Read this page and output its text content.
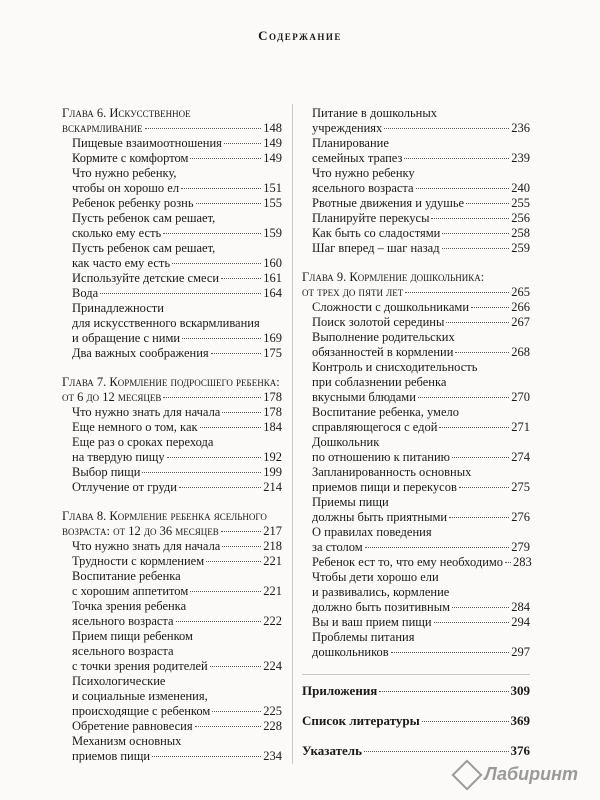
Содержание
Глава 6. Искусственное
вскармливание	148
Пищевые взаимоотношения	149
Кормите с комфортом	149
Что нужно ребенку,
чтобы он хорошо ел	151
Ребенок ребенку рознь	155
Пусть ребенок сам решает,
сколько ему есть	159
Пусть ребенок сам решает,
как часто ему есть	160
Используйте детские смеси	161
Вода	164
Принадлежности
для искусственного вскармливания
и обращение с ними	169
Два важных соображения	175
Глава 7. Кормление подросшего ребенка:
от 6 до 12 месяцев	178
Что нужно знать для начала	178
Еще немного о том, как	184
Еще раз о сроках перехода
на твердую пищу	192
Выбор пищи	199
Отлучение от груди	214
Глава 8. Кормление ребенка ясельного
возраста: от 12 до 36 месяцев	217
Что нужно знать для начала	218
Трудности с кормлением	221
Воспитание ребенка
с хорошим аппетитом	221
Точка зрения ребенка
ясельного возраста	222
Прием пищи ребенком
ясельного возраста
с точки зрения родителей	224
Психологические
и социальные изменения,
происходящие с ребенком	225
Обретение равновесия	228
Механизм основных
приемов пищи	234
Питание в дошкольных
учреждениях	236
Планирование
семейных трапез	239
Что нужно ребенку
ясельного возраста	240
Рвотные движения и удушье	255
Планируйте перекусы	256
Как быть со сладостями	258
Шаг вперед – шаг назад	259
Глава 9. Кормление дошкольника:
от трех до пяти лет	265
Сложности с дошкольниками	266
Поиск золотой середины	267
Выполнение родительских
обязанностей в кормлении	268
Контроль и снисходительность
при соблазнении ребенка
вкусными блюдами	270
Воспитание ребенка, умело
справляющегося с едой	271
Дошкольник
по отношению к питанию	274
Запланированность основных
приемов пищи и перекусов	275
Приемы пищи
должны быть приятными	276
О правилах поведения
за столом	279
Ребенок ест то, что ему необходимо 283
Чтобы дети хорошо ели
и развивались, кормление
должно быть позитивным	284
Вы и ваш прием пищи	294
Проблемы питания
дошкольников	297
Приложения	309
Список литературы	369
Указатель	376
Лабиринт
